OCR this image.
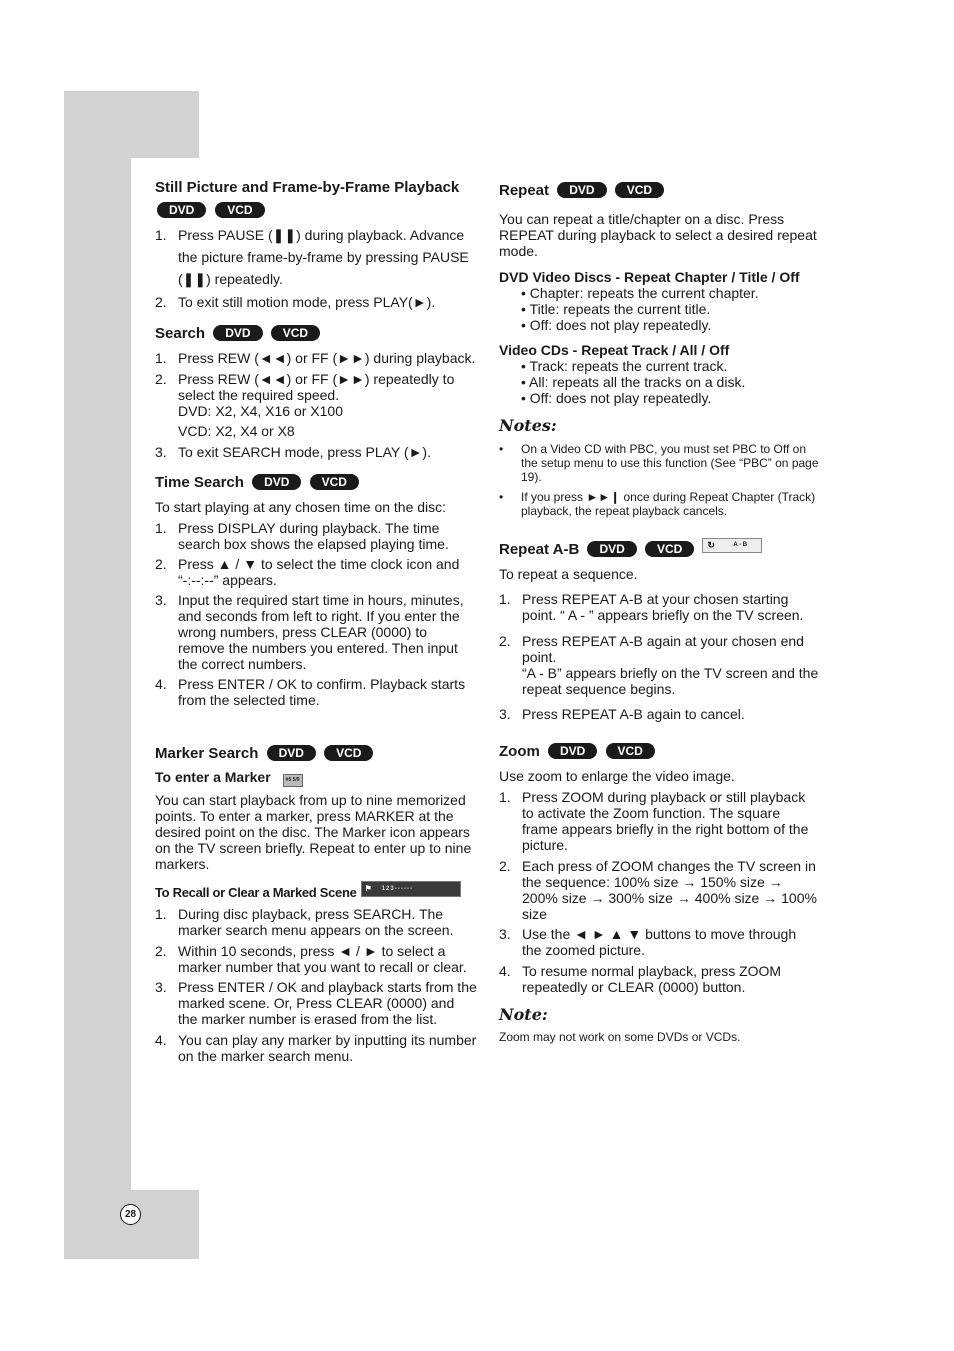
28
Still Picture and Frame-by-Frame Playback
DVD	VCD
1. Press PAUSE (❚❚) during playback. Advance the picture frame-by-frame by pressing PAUSE (❚❚) repeatedly.
2. To exit still motion mode, press PLAY(►).
Search DVD	VCD
1. Press REW (◄◄) or FF (►►) during playback.
2. Press REW (◄◄) or FF (►►) repeatedly to select the required speed.
DVD: X2, X4, X16 or X100
VCD: X2, X4 or X8
3. To exit SEARCH mode, press PLAY (►).
Time Search DVD	VCD

To start playing at any chosen time on the disc:

1. Press DISPLAY during playback. The time search box shows the elapsed playing time.
2. Press ▲ / ▼ to select the time clock icon and “-:--:--” appears.
3. Input the required start time in hours, minutes, and seconds from left to right. If you enter the wrong numbers, press CLEAR (0000) to remove the numbers you entered. Then input the correct numbers.
4. Press ENTER / OK to confirm. Playback starts from the selected time.
Marker Search DVD	VCD

To enter a Marker	#5 5/9

You can start playback from up to nine memorized points. To enter a marker, press MARKER at the desired point on the disc. The Marker icon appears on the TV screen briefly. Repeat to enter up to nine markers.

To Recall or Clear a Marked Scene ⚑ 1 2 3 - - - - - -

1. During disc playback, press SEARCH. The marker search menu appears on the screen.
2. Within 10 seconds, press ◄ / ► to select a marker number that you want to recall or clear.
3. Press ENTER / OK and playback starts from the marked scene. Or, Press CLEAR (0000) and the marker number is erased from the list.
4. You can play any marker by inputting its number on the marker search menu.
Repeat DVD	VCD

You can repeat a title/chapter on a disc. Press REPEAT during playback to select a desired repeat mode.

DVD Video Discs - Repeat Chapter / Title / Off

• Chapter: repeats the current chapter.
• Title: repeats the current title.
• Off: does not play repeatedly.

Video CDs - Repeat Track / All / Off

• Track: repeats the current track.
• All: repeats all the tracks on a disk.
• Off: does not play repeatedly.

Notes:

• On a Video CD with PBC, you must set PBC to Off on the setup menu to use this function (See “PBC” on page 19).
• If you press ►►❙ once during Repeat Chapter (Track) playback, the repeat playback cancels.
Repeat A-B DVD	VCD	↻	A - B

To repeat a sequence.

1. Press REPEAT A-B at your chosen starting point. “ A - ” appears briefly on the TV screen.
2. Press REPEAT A-B again at your chosen end point.
“A - B” appears briefly on the TV screen and the repeat sequence begins.
3. Press REPEAT A-B again to cancel.
Zoom DVD	VCD

Use zoom to enlarge the video image.

1. Press ZOOM during playback or still playback to activate the Zoom function. The square frame appears briefly in the right bottom of the picture.
2. Each press of ZOOM changes the TV screen in the sequence: 100% size → 150% size → 200% size → 300% size → 400% size → 100% size
3. Use the ◄ ► ▲ ▼ buttons to move through the zoomed picture.
4. To resume normal playback, press ZOOM repeatedly or CLEAR (0000) button.

Note:

Zoom may not work on some DVDs or VCDs.
